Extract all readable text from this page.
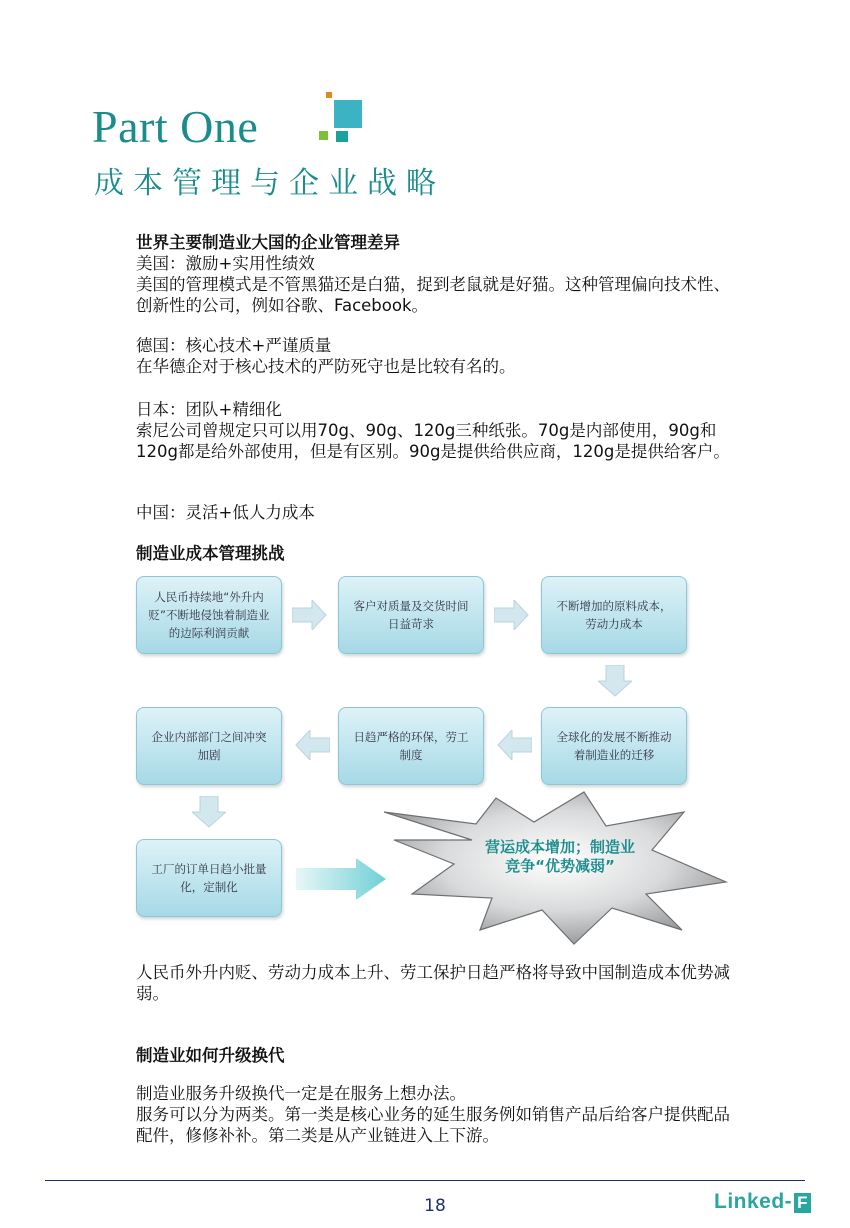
Part One
成本管理与企业战略
世界主要制造业大国的企业管理差异
美国：激励+实用性绩效
美国的管理模式是不管黑猫还是白猫，捉到老鼠就是好猫。这种管理偏向技术性、创新性的公司，例如谷歌、Facebook。
德国：核心技术+严谨质量
在华德企对于核心技术的严防死守也是比较有名的。
日本：团队+精细化
索尼公司曾规定只可以用70g、90g、120g三种纸张。70g是内部使用，90g和120g都是给外部使用，但是有区别。90g是提供给供应商，120g是提供给客户。
中国：灵活+低人力成本
制造业成本管理挑战
人民币持续地“外升内贬”不断地侵蚀着制造业的边际利润贡献
客户对质量及交货时间日益苛求
不断增加的原料成本，劳动力成本
全球化的发展不断推动着制造业的迁移
日趋严格的环保，劳工制度
企业内部部门之间冲突加剧
工厂的订单日趋小批量化，定制化
营运成本增加；制造业竞争“优势减弱”
人民币外升内贬、劳动力成本上升、劳工保护日趋严格将导致中国制造成本优势减弱。
制造业如何升级换代
制造业服务升级换代一定是在服务上想办法。
服务可以分为两类。第一类是核心业务的延生服务例如销售产品后给客户提供配品配件，修修补补。第二类是从产业链进入上下游。
18	Linked- F
